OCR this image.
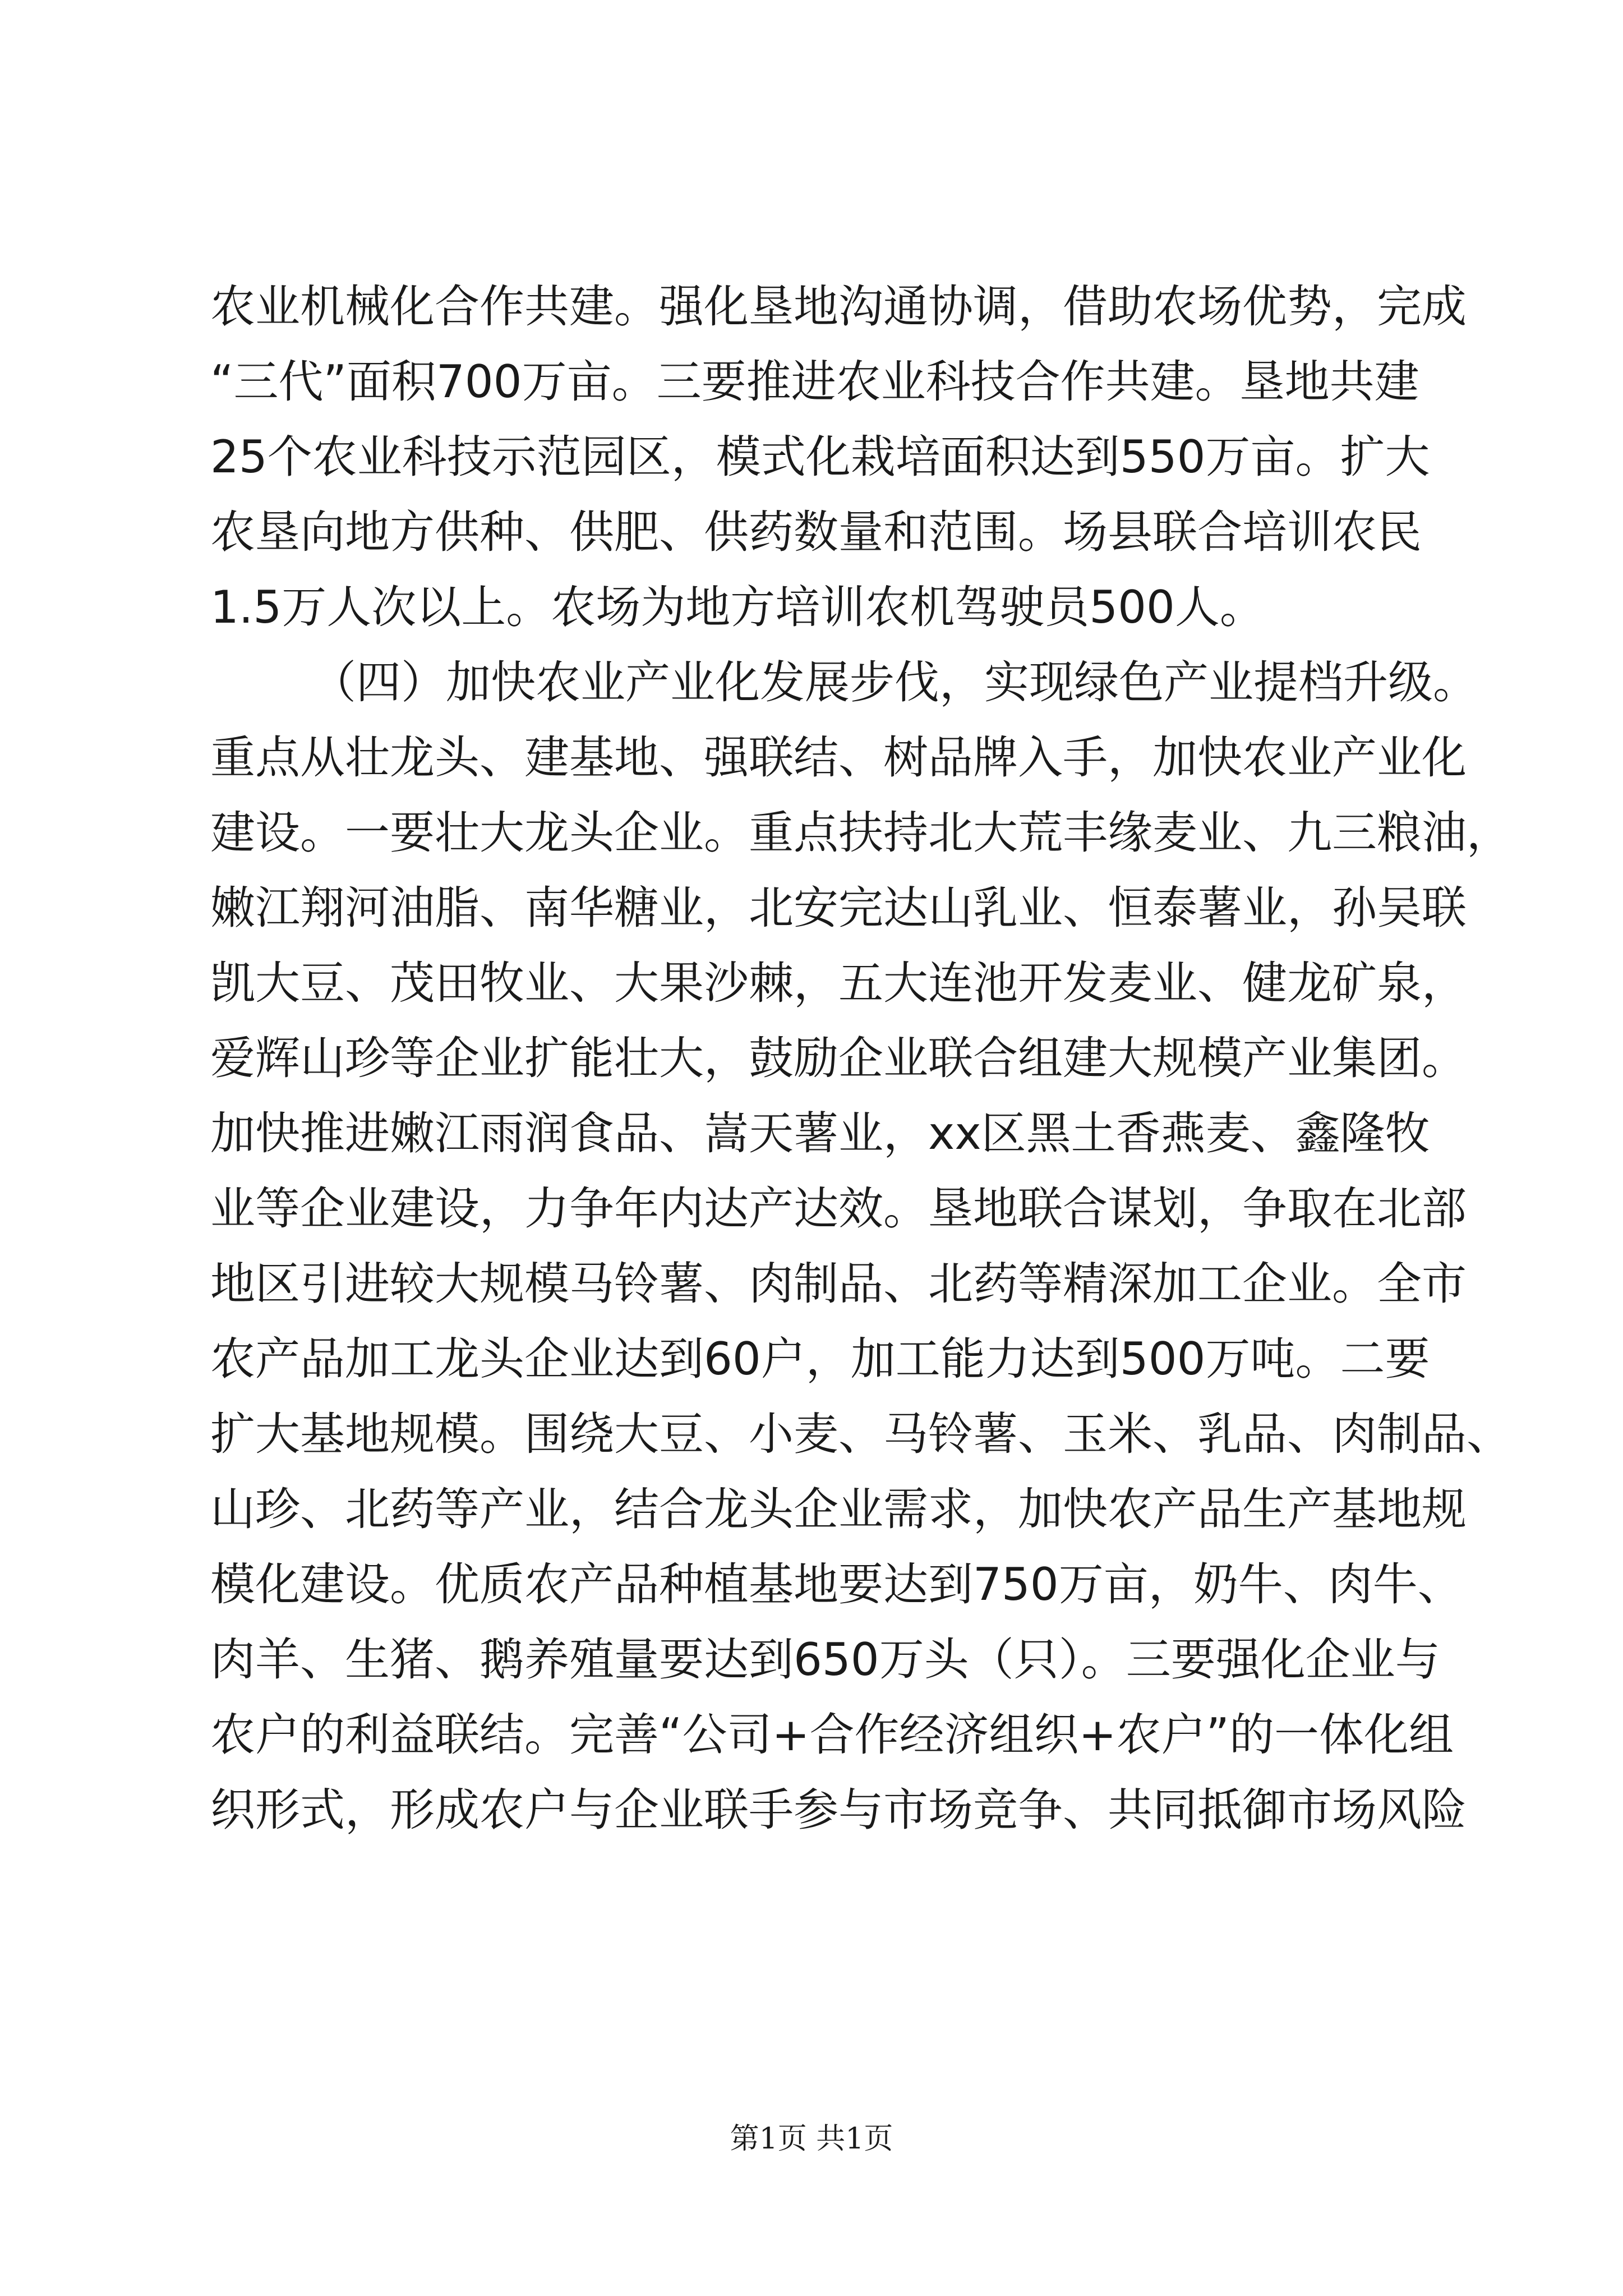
农业机械化合作共建。强化垦地沟通协调，借助农场优势，完成
“三代”面积700万亩。三要推进农业科技合作共建。垦地共建
25个农业科技示范园区，模式化栽培面积达到550万亩。扩大
农垦向地方供种、供肥、供药数量和范围。场县联合培训农民
1.5万人次以上。农场为地方培训农机驾驶员500人。
（四）加快农业产业化发展步伐，实现绿色产业提档升级。
重点从壮龙头、建基地、强联结、树品牌入手，加快农业产业化
建设。一要壮大龙头企业。重点扶持北大荒丰缘麦业、九三粮油，
嫩江翔河油脂、南华糖业，北安完达山乳业、恒泰薯业，孙吴联
凯大豆、茂田牧业、大果沙棘，五大连池开发麦业、健龙矿泉，
爱辉山珍等企业扩能壮大，鼓励企业联合组建大规模产业集团。
加快推进嫩江雨润食品、嵩天薯业，xx区黑土香燕麦、鑫隆牧
业等企业建设，力争年内达产达效。垦地联合谋划，争取在北部
地区引进较大规模马铃薯、肉制品、北药等精深加工企业。全市
农产品加工龙头企业达到60户，加工能力达到500万吨。二要
扩大基地规模。围绕大豆、小麦、马铃薯、玉米、乳品、肉制品、
山珍、北药等产业，结合龙头企业需求，加快农产品生产基地规
模化建设。优质农产品种植基地要达到750万亩，奶牛、肉牛、
肉羊、生猪、鹅养殖量要达到650万头（只）。三要强化企业与
农户的利益联结。完善“公司+合作经济组织+农户”的一体化组
织形式，形成农户与企业联手参与市场竞争、共同抵御市场风险
第1页 共1页
